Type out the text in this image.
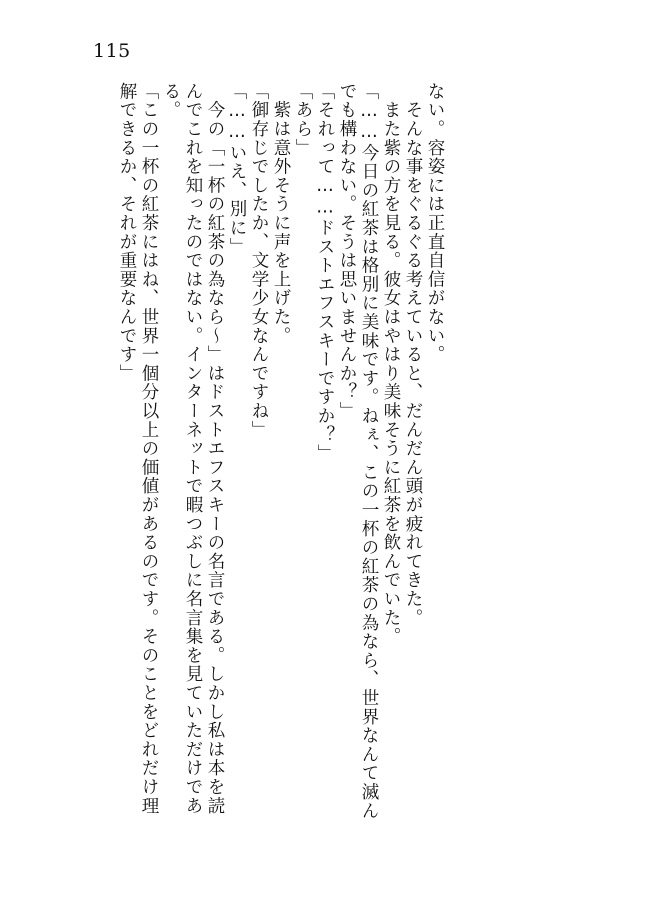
115
ない。容姿には正直自信がない。
　そんな事をぐるぐる考えていると、だんだん頭が疲れてきた。
　また紫の方を見る。彼女はやはり美味そうに紅茶を飲んでいた。
「……今日の紅茶は格別に美味です。ねぇ、この一杯の紅茶の為なら、世界なんて滅ん
でも構わない。そうは思いませんか？」
「それって……ドストエフスキーですか？」
「あら」
　紫は意外そうに声を上げた。
「御存じでしたか、文学少女なんですね」
「……いえ、別に」
　今の「一杯の紅茶の為なら～」はドストエフスキーの名言である。しかし私は本を読
んでこれを知ったのではない。インターネットで暇つぶしに名言集を見ていただけであ
る。
「この一杯の紅茶にはね、世界一個分以上の価値があるのです。そのことをどれだけ理
解できるか、それが重要なんです」
